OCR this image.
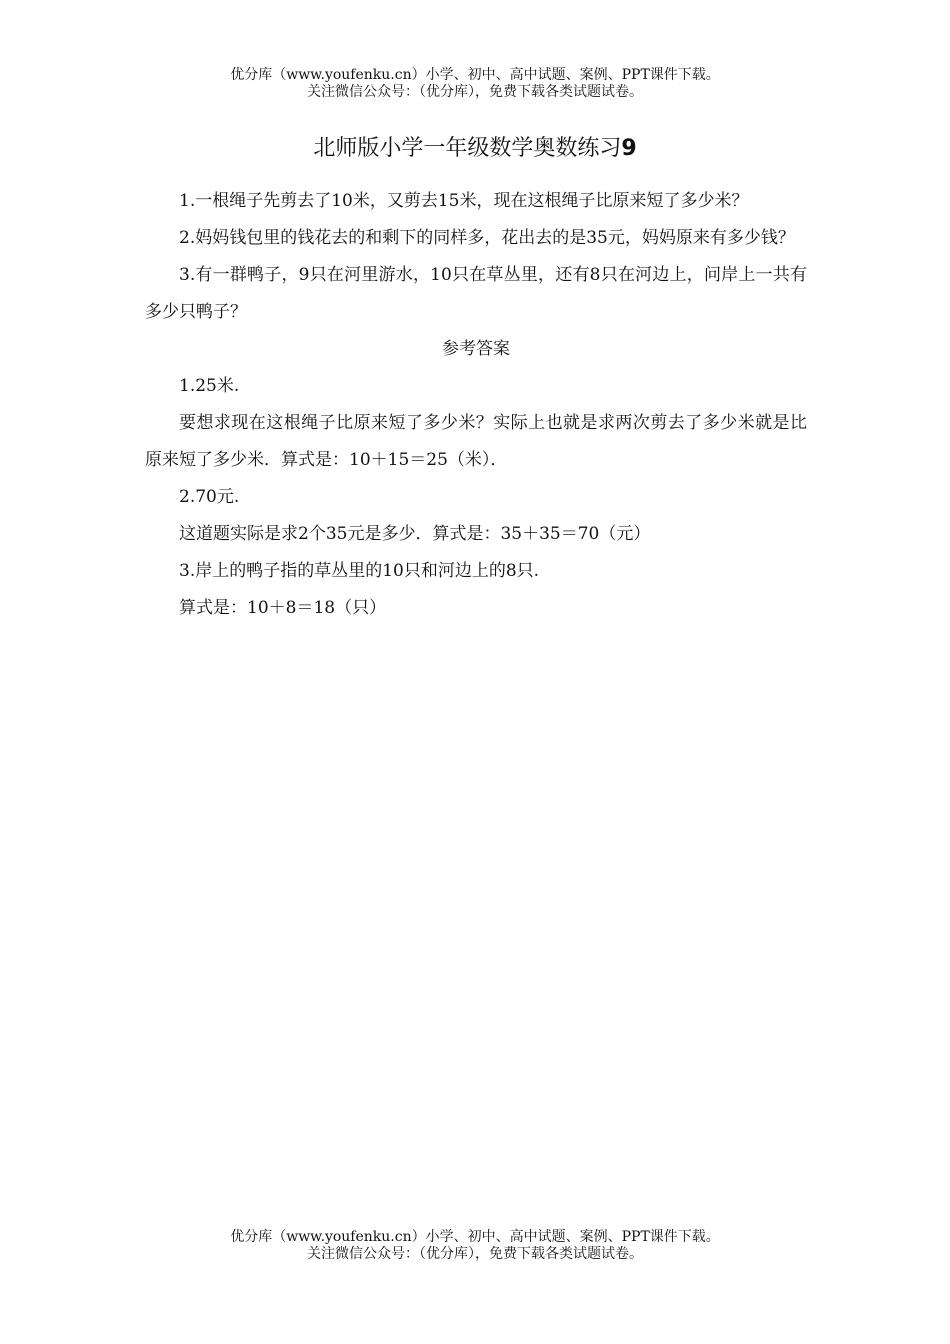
优分库（www.youfenku.cn）小学、初中、高中试题、案例、PPT课件下载。
关注微信公众号：（优分库），免费下载各类试题试卷。
北师版小学一年级数学奥数练习9

1.一根绳子先剪去了10米，又剪去15米，现在这根绳子比原来短了多少米？

2.妈妈钱包里的钱花去的和剩下的同样多，花出去的是35元，妈妈原来有多少钱？

3.有一群鸭子，9只在河里游水，10只在草丛里，还有8只在河边上，问岸上一共有多少只鸭子？

参考答案

1.25米.

要想求现在这根绳子比原来短了多少米？实际上也就是求两次剪去了多少米就是比原来短了多少米．算式是：10＋15＝25（米）．

2.70元.

这道题实际是求2个35元是多少．算式是：35＋35＝70（元）

3.岸上的鸭子指的草丛里的10只和河边上的8只.

算式是：10＋8＝18（只）

优分库（www.youfenku.cn）小学、初中、高中试题、案例、PPT课件下载。
关注微信公众号：（优分库），免费下载各类试题试卷。
